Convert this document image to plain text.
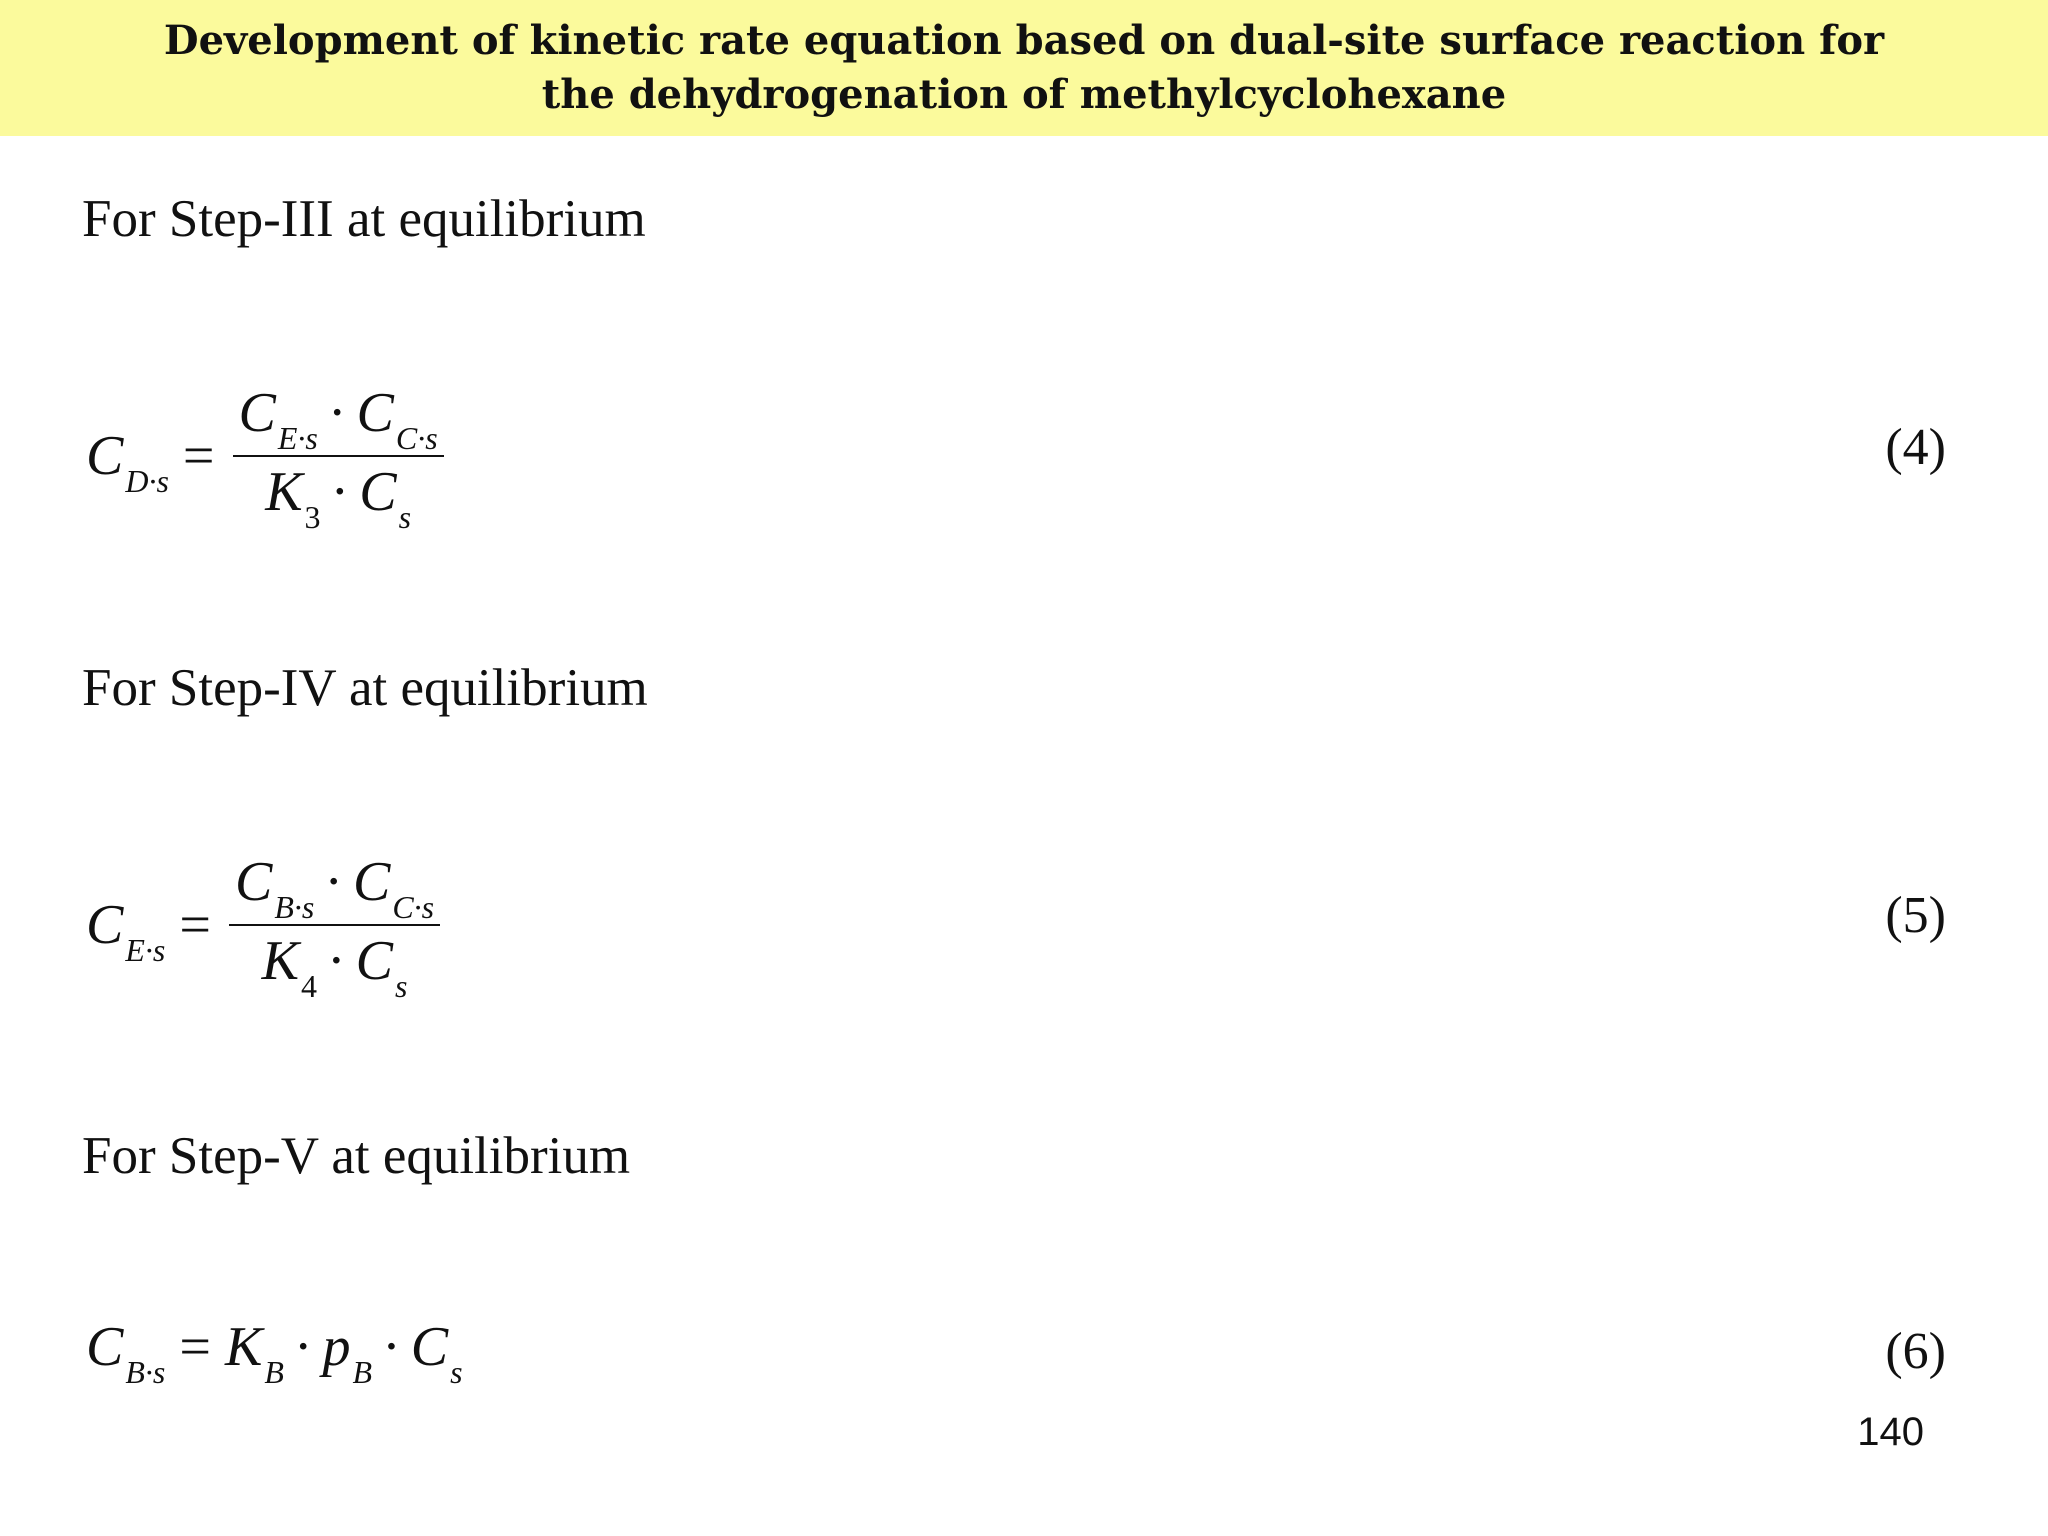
Development of kinetic rate equation based on dual-site surface reaction for
the dehydrogenation of methylcyclohexane
For Step-III at equilibrium
$C_{D\cdot s} = \frac{C_{E\cdot s} \cdot C_{C\cdot s}}{K_3 \cdot C_s}$	(4)
For Step-IV at equilibrium
$C_{E\cdot s} = \frac{C_{B\cdot s} \cdot C_{C\cdot s}}{K_4 \cdot C_s}$	(5)
For Step-V at equilibrium
$C_{B\cdot s} = K_B \cdot p_B \cdot C_s$	(6)
140
